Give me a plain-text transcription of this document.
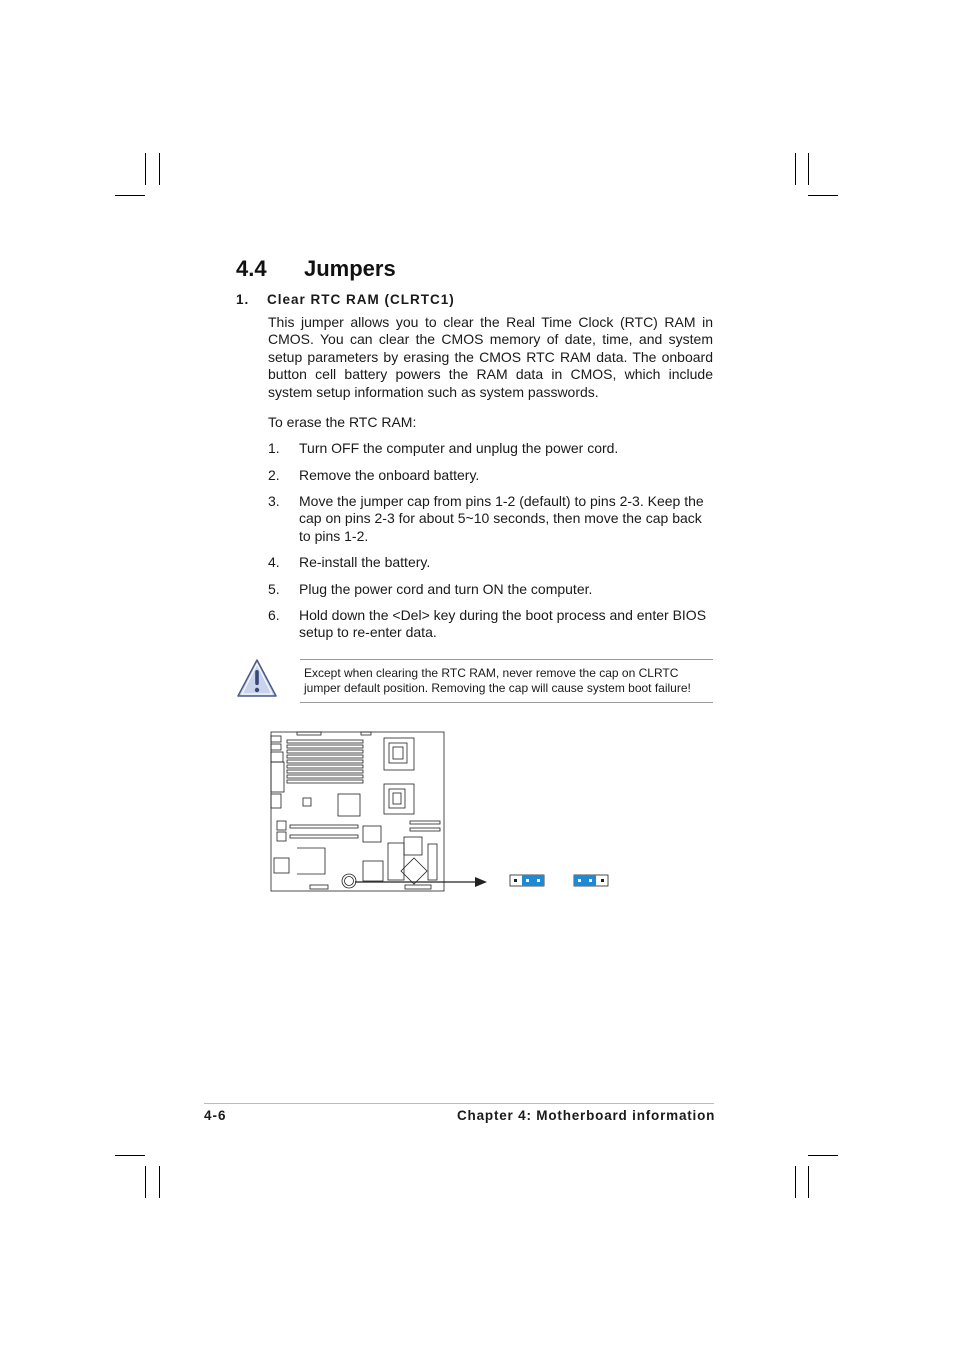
4.4 Jumpers
1. Clear RTC RAM (CLRTC1)
This jumper allows you to clear the Real Time Clock (RTC) RAM in CMOS. You can clear the CMOS memory of date, time, and system setup parameters by erasing the CMOS RTC RAM data. The onboard button cell battery powers the RAM data in CMOS, which include system setup information such as system passwords.
To erase the RTC RAM:
1.	Turn OFF the computer and unplug the power cord.
2.	Remove the onboard battery.
3.	Move the jumper cap from pins 1-2 (default) to pins 2-3. Keep the cap on pins 2-3 for about 5~10 seconds, then move the cap back to pins 1-2.
4.	Re-install the battery.
5.	Plug the power cord and turn ON the computer.
6.	Hold down the <Del> key during the boot process and enter BIOS setup to re-enter data.
Except when clearing the RTC RAM, never remove the cap on CLRTC jumper default position. Removing the cap will cause system boot failure!
4-6	Chapter 4: Motherboard information
